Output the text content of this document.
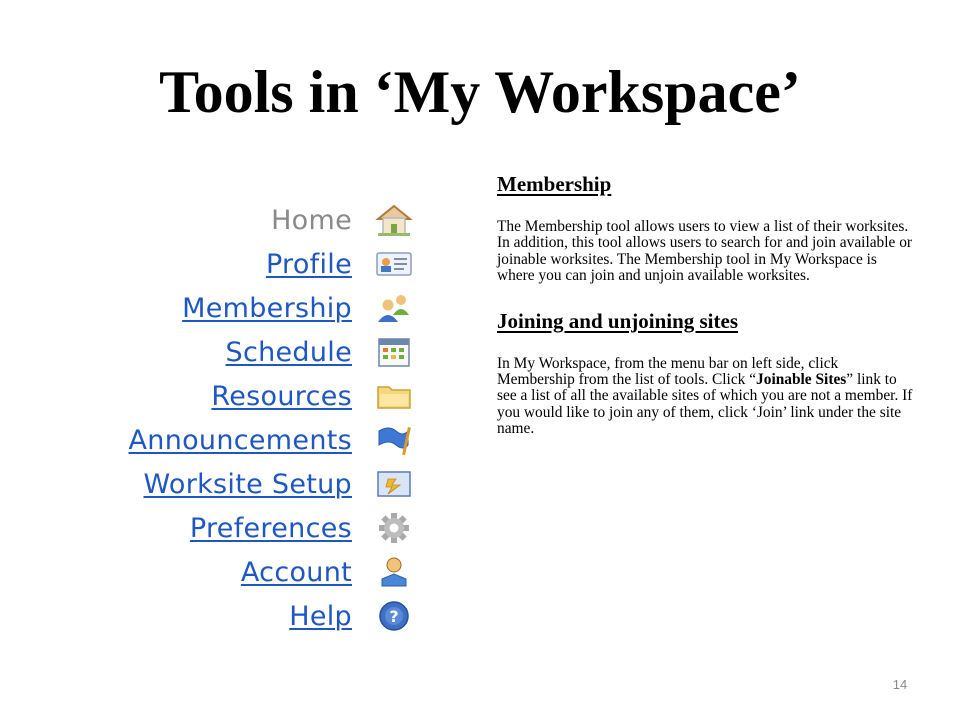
Tools in ‘My Workspace’
Home
Profile
Membership
Schedule
Resources
Announcements
Worksite Setup
Preferences
Account
Help ?
Membership

The Membership tool allows users to view a list of their worksites. In addition, this tool allows users to search for and join available or joinable worksites. The Membership tool in My Workspace is where you can join and unjoin available worksites.

Joining and unjoining sites

In My Workspace, from the menu bar on left side, click Membership from the list of tools. Click “Joinable Sites” link to see a list of all the available sites of which you are not a member. If you would like to join any of them, click ‘Join’ link under the site name.

14
